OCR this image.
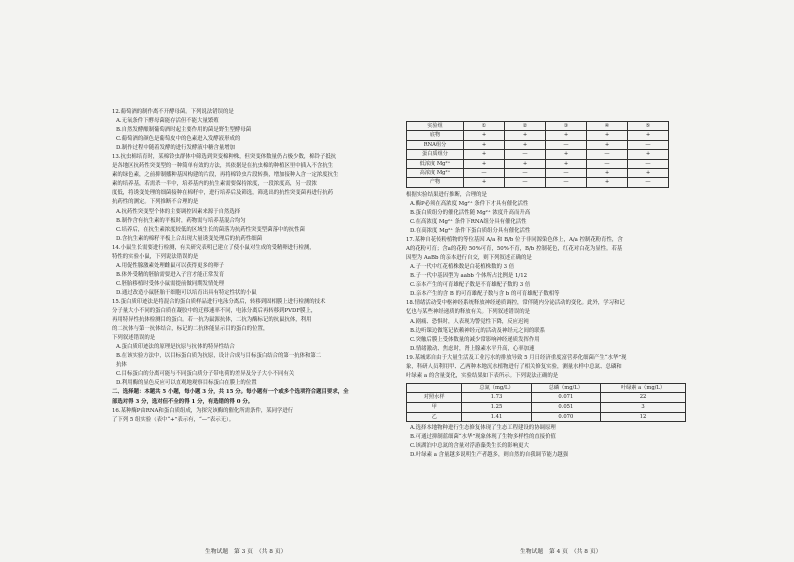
12.葡萄酒的制作离不开酵母菌。下列说法错误的是
A.无氧条件下酵母菌能存活但不能大量繁殖
B.自然发酵酿制葡萄酒时起主要作用的菌是野生型酵母菌
C.葡萄酒的颜色是葡萄皮中的色素进入发酵液形成的
D.制作过程中随着发酵的进行发酵液中糖含量增加
13.抗虫棉培育时，某棉铃虫群体中筛选到突变棉种株，但突变体数量仍占极少数，棉铃子抵抗
是各地区抗药性突变型的一种简单有效的方法，其依据是在抗虫棉的种植区里中插入不含抗生
素的绿色素，之前抑制播种基因构建的片段，再将棉铃虫片段转换，增加接种入含一定浓度抗生
素的培养基，若需杀一半中，培养基内的抗生素需要保持浓度，一段浓度高，另一段浓
度低，将诱变处理的细菌接种在棉籽中，进行培养后及筛选，筛选出的抗性突变菌再进行抗药
抗药性的测定。下列推断不合理的是
A.抗药性突变型个体的主要调控因素来源于自然选择
B.制作含有抗生素的平板时，药物需与培养基混合均匀
C.培养后，在抗生素浓度较低的区域生长的菌落为抗药性突变型菌落中的抗性菌
D.含抗生素的棉籽平板上合出现大量诱变处理后的抗药性细菌
14.小鼠生长需要进行检测，有关研究表明已建立了使小鼠对生成的受精卵进行检测，
特性的实验小鼠，下列说法错误的是
A.用促性腺激素处理雌鼠可以获得更多的卵子
B.体外受精的胚胎需要进入子宫才能正常发育
C.胚胎移植时受体小鼠需提前做同期发情处理
D.通过改造小鼠胚胎干细胞可以培育出具有特定性状的小鼠
15.蛋白质印迹法是将混合的蛋白质样品进行电泳分离后，转移到固相膜上进行检测的技术
分子量大小不同的蛋白质在凝胶中的迁移速率不同，电泳分离后再转移到PVDF膜上，
再用特异性抗体检测目的蛋白。若一抗为鼠源抗体，二抗为酶标记的抗鼠抗体，利用
的二抗体与第一抗体结合，标记的二抗体能显示目的蛋白的位置，
下列叙述错误的是
A.蛋白质印迹法的原理是抗原与抗体的特异性结合
B.在该实验方法中，以目标蛋白质为抗原，设计合成与目标蛋白结合的第一抗体和第二
抗体
C.目标蛋白的分离可能与不同蛋白质分子带电荷的差异及分子大小不同有关
D.利用酶的显色反应可以直观地观察目标蛋白在膜上的位置
二、选择题：本题共 5 小题，每小题 3 分，共 15 分。每小题有一个或多个选项符合题目要求，全
部选对得 3 分，选对但不全的得 1 分，有选错的得 0 分。
16.某种酶P由RNA和蛋白质组成，为探究该酶的催化所需条件，某同学进行
了下列 5 组实验（表中“+”表示有，“—”表示无）。
实验组	①	②	③	④	⑤
底物	+	+	+	+	+
RNA组分	+	+	—	+	—
蛋白质组分	+	—	+	—	+
低浓度 Mg²⁺	+	+	+	—	—
高浓度 Mg²⁺	—	—	—	+	+
产物	+	—	—	+	—
根据实验结果进行推断，合理的是
A.酶P必须在高浓度 Mg²⁺ 条件下才具有催化活性
B.蛋白质组分的催化活性随 Mg²⁺ 浓度升高而升高
C.在高浓度 Mg²⁺ 条件下RNA组分具有催化活性
D.在高浓度 Mg²⁺ 条件下蛋白质组分具有催化活性
17.某种自花传粉植物的等位基因 A/a 和 B/b 位于非同源染色体上，A/a 控制花粉育性，含
A的花粉可育；含a的花粉 50%可育，50%不育，B/b 控制花色，红花对白花为显性。若基
因型为 AaBb 的亲本进行自交，则下列叙述正确的是
A.子一代中红花植株数是白花植株数的 3 倍
B.子一代中基因型为 aabb 个体所占比例是 1/12
C.亲本产生的可育雄配子数是不育雄配子数的 3 倍
D.亲本产生的含 B 的可育雄配子数与含 b 的可育雄配子数相等
18.情绪活动受中枢神经系统释放神经递质调控，常伴随内分泌活动的变化。此外，学习和记
忆也与某些神经递质的释放有关。下列叙述错误的是
A.剧痛、恐惧时，人表现为警觉性下降，反应迟钝
B.边听课边做笔记依赖神经元的活动及神经元之间的联系
C.突触后膜上受体数量的减少常影响神经递质发挥作用
D.情绪激动、焦虑时，肾上腺素水平升高，心率加速
19.某城郊自由于大量生活及工业污水的排放导致 5 月日经济重度富营养化细菌产生“水华”现
象，科研人员利用甲、乙两种本地沉水植物进行了相关修复实验，测量水样中总氮、总磷和
叶绿素 a 的含量变化，实验结果如下表所示。下列说法正确的是
	总氮（mg/L）	总磷（mg/L）	叶绿素 a（mg/L）
对照水样	1.73	0.071	22
甲	1.25	0.051	3
乙	1.41	0.070	12
A.选择本地物种进行生态修复体现了生态工程建设的协调原理
B.可通过抑制蓝细菌“水华”现象体现了生物多样性的直接价值
C.该湖泊中总氮的含量对浮游藻类生长的影响更大
D.叶绿素 a 含量越多说明生产者越多，则自然的自我调节能力越强
生物试题　第 3 页　（共 8 页）	生物试题　第 4 页　（共 8 页）
